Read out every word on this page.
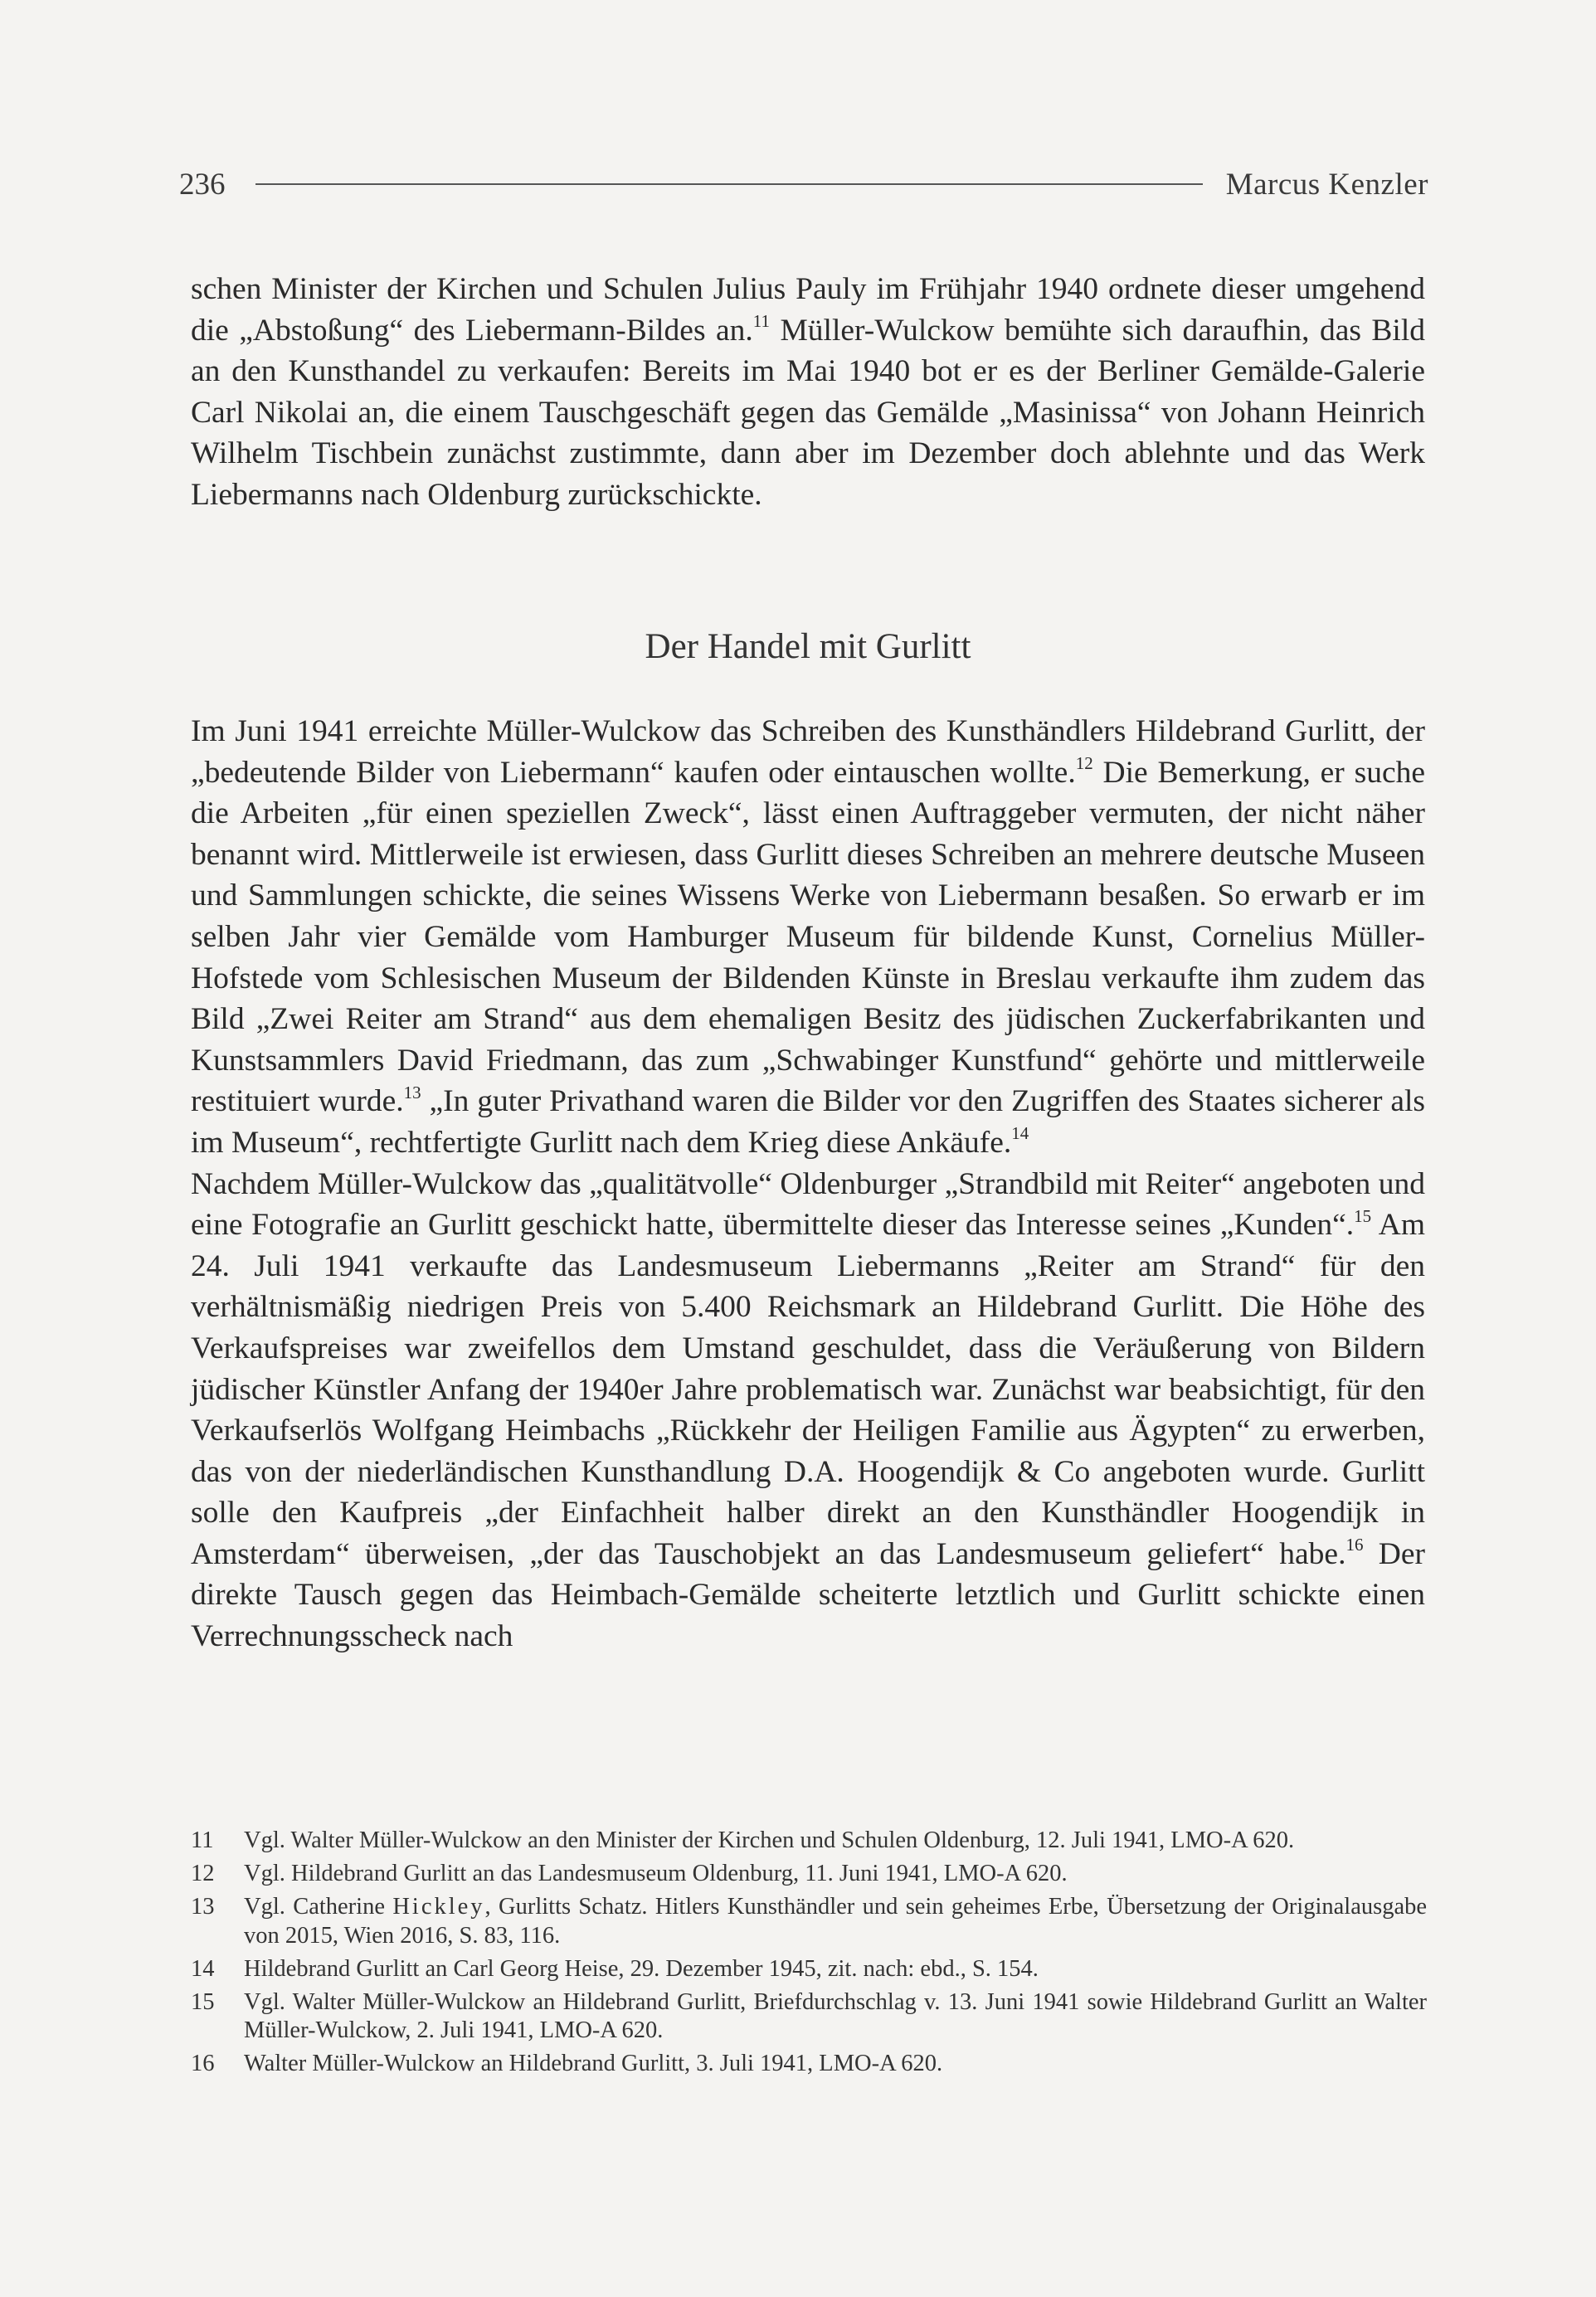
236	Marcus Kenzler

schen Minister der Kirchen und Schulen Julius Pauly im Frühjahr 1940 ordnete dieser umgehend die „Abstoßung“ des Liebermann-Bildes an.$^{11}$ Müller-Wulckow bemühte sich daraufhin, das Bild an den Kunsthandel zu verkaufen: Bereits im Mai 1940 bot er es der Berliner Gemälde-Galerie Carl Nikolai an, die einem Tauschgeschäft gegen das Gemälde „Masinissa“ von Johann Heinrich Wilhelm Tischbein zunächst zustimmte, dann aber im Dezember doch ablehnte und das Werk Liebermanns nach Oldenburg zurückschickte.

Der Handel mit Gurlitt

Im Juni 1941 erreichte Müller-Wulckow das Schreiben des Kunsthändlers Hildebrand Gurlitt, der „bedeutende Bilder von Liebermann“ kaufen oder eintauschen wollte.$^{12}$ Die Bemerkung, er suche die Arbeiten „für einen speziellen Zweck“, lässt einen Auftraggeber vermuten, der nicht näher benannt wird. Mittlerweile ist erwiesen, dass Gurlitt dieses Schreiben an mehrere deutsche Museen und Sammlungen schickte, die seines Wissens Werke von Liebermann besaßen. So erwarb er im selben Jahr vier Gemälde vom Hamburger Museum für bildende Kunst, Cornelius Müller-Hofstede vom Schlesischen Museum der Bildenden Künste in Breslau verkaufte ihm zudem das Bild „Zwei Reiter am Strand“ aus dem ehemaligen Besitz des jüdischen Zuckerfabrikanten und Kunstsammlers David Friedmann, das zum „Schwabinger Kunstfund“ gehörte und mittlerweile restituiert wurde.$^{13}$ „In guter Privathand waren die Bilder vor den Zugriffen des Staates sicherer als im Museum“, rechtfertigte Gurlitt nach dem Krieg diese Ankäufe.$^{14}$

Nachdem Müller-Wulckow das „qualitätvolle“ Oldenburger „Strandbild mit Reiter“ angeboten und eine Fotografie an Gurlitt geschickt hatte, übermittelte dieser das Interesse seines „Kunden“.$^{15}$ Am 24. Juli 1941 verkaufte das Landesmuseum Liebermanns „Reiter am Strand“ für den verhältnismäßig niedrigen Preis von 5.400 Reichsmark an Hildebrand Gurlitt. Die Höhe des Verkaufspreises war zweifellos dem Umstand geschuldet, dass die Veräußerung von Bildern jüdischer Künstler Anfang der 1940er Jahre problematisch war. Zunächst war beabsichtigt, für den Verkaufserlös Wolfgang Heimbachs „Rückkehr der Heiligen Familie aus Ägypten“ zu erwerben, das von der niederländischen Kunsthandlung D.A. Hoogendijk & Co angeboten wurde. Gurlitt solle den Kaufpreis „der Einfachheit halber direkt an den Kunsthändler Hoogendijk in Amsterdam“ überweisen, „der das Tauschobjekt an das Landesmuseum geliefert“ habe.$^{16}$ Der direkte Tausch gegen das Heimbach-Gemälde scheiterte letztlich und Gurlitt schickte einen Verrechnungsscheck nach

11	Vgl. Walter Müller-Wulckow an den Minister der Kirchen und Schulen Oldenburg, 12. Juli 1941, LMO-A 620.
12	Vgl. Hildebrand Gurlitt an das Landesmuseum Oldenburg, 11. Juni 1941, LMO-A 620.
13	Vgl. Catherine Hickley, Gurlitts Schatz. Hitlers Kunsthändler und sein geheimes Erbe, Übersetzung der Originalausgabe von 2015, Wien 2016, S. 83, 116.
14	Hildebrand Gurlitt an Carl Georg Heise, 29. Dezember 1945, zit. nach: ebd., S. 154.
15	Vgl. Walter Müller-Wulckow an Hildebrand Gurlitt, Briefdurchschlag v. 13. Juni 1941 sowie Hildebrand Gurlitt an Walter Müller-Wulckow, 2. Juli 1941, LMO-A 620.
16	Walter Müller-Wulckow an Hildebrand Gurlitt, 3. Juli 1941, LMO-A 620.
